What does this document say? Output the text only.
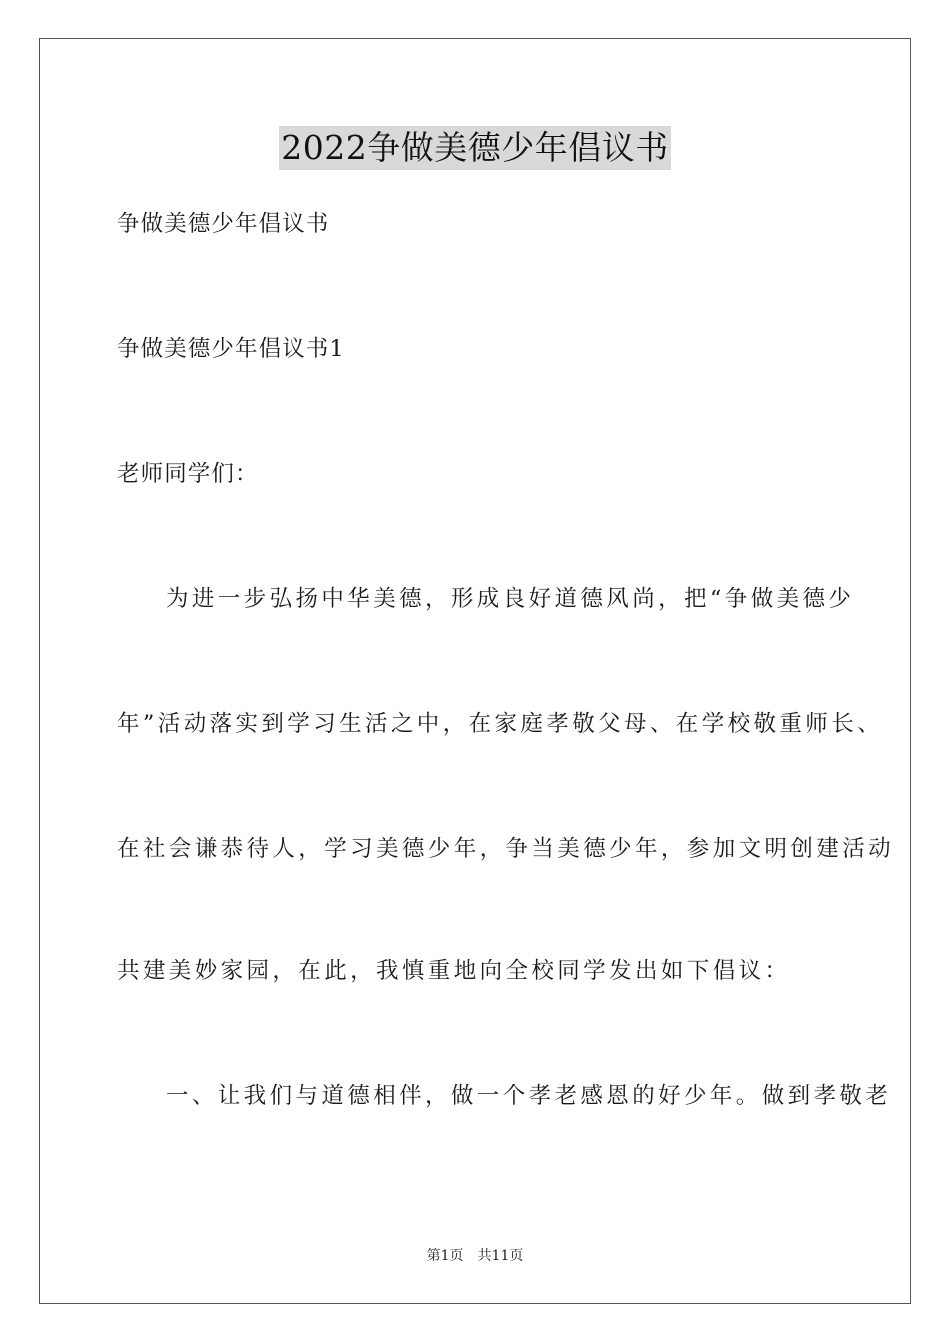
2022争做美德少年倡议书
争做美德少年倡议书
争做美德少年倡议书1
老师同学们：
为进一步弘扬中华美德，形成良好道德风尚，把“争做美德少
年”活动落实到学习生活之中，在家庭孝敬父母、在学校敬重师长、
在社会谦恭待人，学习美德少年，争当美德少年，参加文明创建活动
共建美妙家园，在此，我慎重地向全校同学发出如下倡议：
一、让我们与道德相伴，做一个孝老感恩的好少年。做到孝敬老
第1页　共11页
